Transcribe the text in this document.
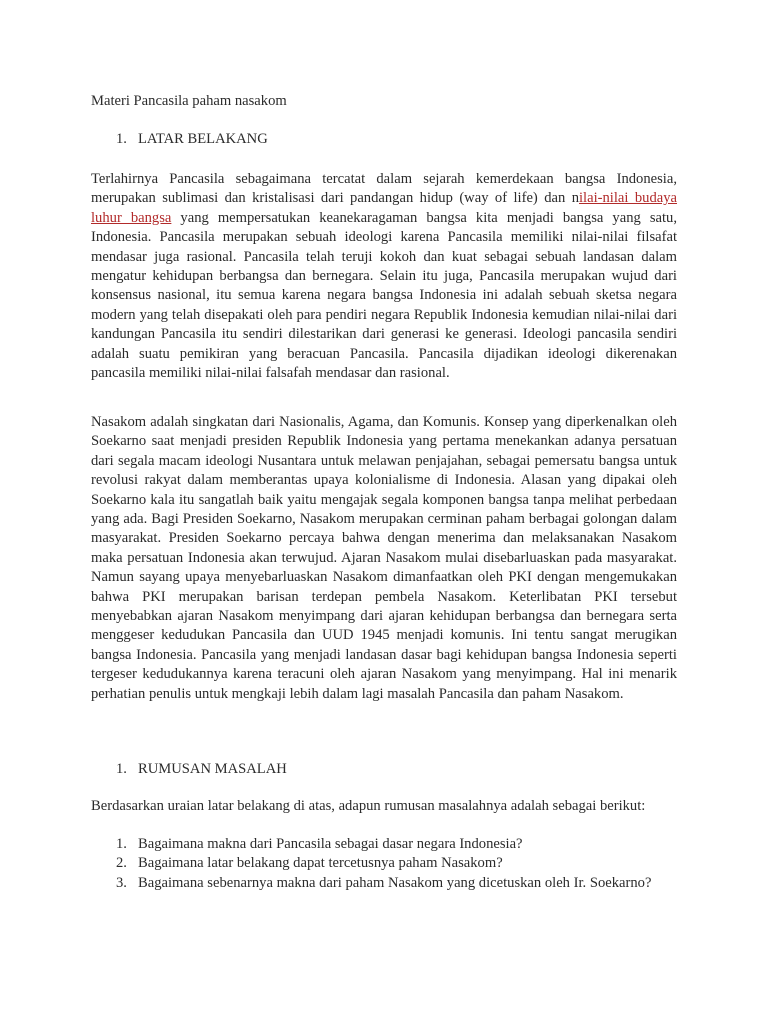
Materi Pancasila paham nasakom

1. LATAR BELAKANG

Terlahirnya Pancasila sebagaimana tercatat dalam sejarah kemerdekaan bangsa Indonesia, merupakan sublimasi dan kristalisasi dari pandangan hidup (way of life) dan nilai-nilai budaya luhur bangsa yang mempersatukan keanekaragaman bangsa kita menjadi bangsa yang satu, Indonesia. Pancasila merupakan sebuah ideologi karena Pancasila memiliki nilai-nilai filsafat mendasar juga rasional. Pancasila telah teruji kokoh dan kuat sebagai sebuah landasan dalam mengatur kehidupan berbangsa dan bernegara. Selain itu juga, Pancasila merupakan wujud dari konsensus nasional, itu semua karena negara bangsa Indonesia ini adalah sebuah sketsa negara modern yang telah disepakati oleh para pendiri negara Republik Indonesia kemudian nilai-nilai dari kandungan Pancasila itu sendiri dilestarikan dari generasi ke generasi. Ideologi pancasila sendiri adalah suatu pemikiran yang beracuan Pancasila. Pancasila dijadikan ideologi dikerenakan pancasila memiliki nilai-nilai falsafah mendasar dan rasional.

Nasakom adalah singkatan dari Nasionalis, Agama, dan Komunis. Konsep yang diperkenalkan oleh Soekarno saat menjadi presiden Republik Indonesia yang pertama menekankan adanya persatuan dari segala macam ideologi Nusantara untuk melawan penjajahan, sebagai pemersatu bangsa untuk revolusi rakyat dalam memberantas upaya kolonialisme di Indonesia. Alasan yang dipakai oleh Soekarno kala itu sangatlah baik yaitu mengajak segala komponen bangsa tanpa melihat perbedaan yang ada. Bagi Presiden Soekarno, Nasakom merupakan cerminan paham berbagai golongan dalam masyarakat. Presiden Soekarno percaya bahwa dengan menerima dan melaksanakan Nasakom maka persatuan Indonesia akan terwujud. Ajaran Nasakom mulai disebarluaskan pada masyarakat. Namun sayang upaya menyebarluaskan Nasakom dimanfaatkan oleh PKI dengan mengemukakan bahwa PKI merupakan barisan terdepan pembela Nasakom. Keterlibatan PKI tersebut menyebabkan ajaran Nasakom menyimpang dari ajaran kehidupan berbangsa dan bernegara serta menggeser kedudukan Pancasila dan UUD 1945 menjadi komunis. Ini tentu sangat merugikan bangsa Indonesia. Pancasila yang menjadi landasan dasar bagi kehidupan bangsa Indonesia seperti tergeser kedudukannya karena teracuni oleh ajaran Nasakom yang menyimpang. Hal ini menarik perhatian penulis untuk mengkaji lebih dalam lagi masalah Pancasila dan paham Nasakom.

1. RUMUSAN MASALAH

Berdasarkan uraian latar belakang di atas, adapun rumusan masalahnya adalah sebagai berikut:

1. Bagaimana makna dari Pancasila sebagai dasar negara Indonesia?
2. Bagaimana latar belakang dapat tercetusnya paham Nasakom?
3. Bagaimana sebenarnya makna dari paham Nasakom yang dicetuskan oleh Ir. Soekarno?
